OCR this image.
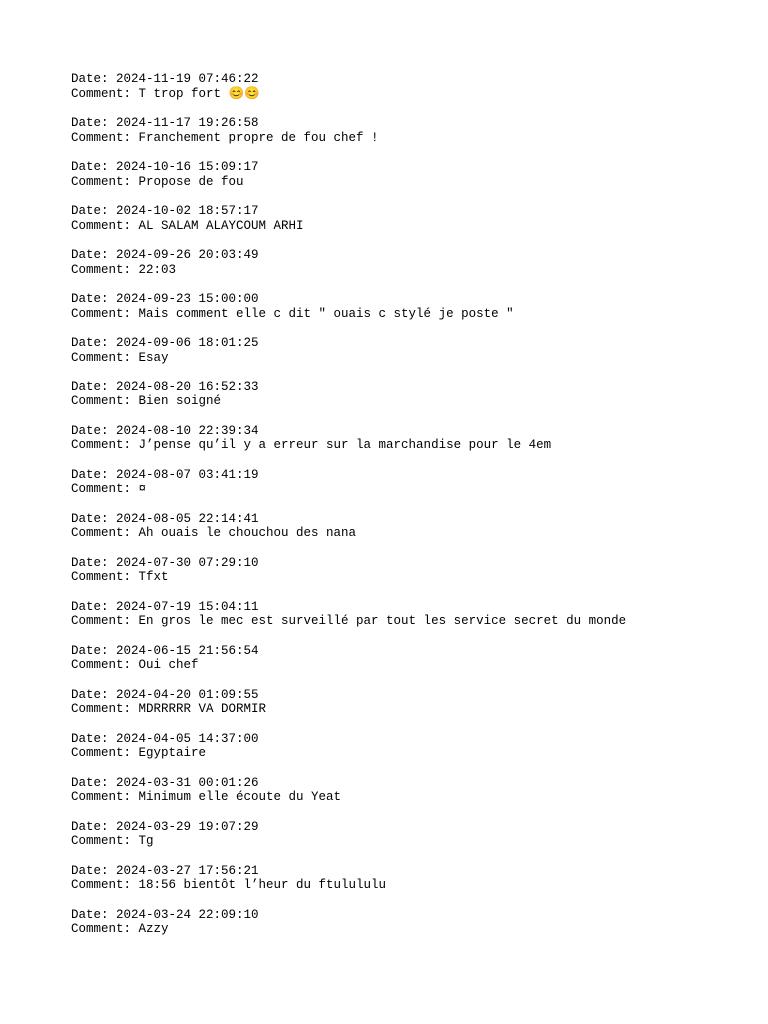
Date: 2024-11-19 07:46:22
Comment: T trop fort 😊😊
Date: 2024-11-17 19:26:58
Comment: Franchement propre de fou chef !
Date: 2024-10-16 15:09:17
Comment: Propose de fou
Date: 2024-10-02 18:57:17
Comment: AL SALAM ALAYCOUM ARHI
Date: 2024-09-26 20:03:49
Comment: 22:03
Date: 2024-09-23 15:00:00
Comment: Mais comment elle c dit " ouais c stylé je poste "
Date: 2024-09-06 18:01:25
Comment: Esay
Date: 2024-08-20 16:52:33
Comment: Bien soigné
Date: 2024-08-10 22:39:34
Comment: J’pense qu’il y a erreur sur la marchandise pour le 4em
Date: 2024-08-07 03:41:19
Comment: ¤
Date: 2024-08-05 22:14:41
Comment: Ah ouais le chouchou des nana
Date: 2024-07-30 07:29:10
Comment: Tfxt
Date: 2024-07-19 15:04:11
Comment: En gros le mec est surveillé par tout les service secret du monde
Date: 2024-06-15 21:56:54
Comment: Oui chef
Date: 2024-04-20 01:09:55
Comment: MDRRRRR VA DORMIR
Date: 2024-04-05 14:37:00
Comment: Egyptaire
Date: 2024-03-31 00:01:26
Comment: Minimum elle écoute du Yeat
Date: 2024-03-29 19:07:29
Comment: Tg
Date: 2024-03-27 17:56:21
Comment: 18:56 bientôt l’heur du ftulululu
Date: 2024-03-24 22:09:10
Comment: Azzy
